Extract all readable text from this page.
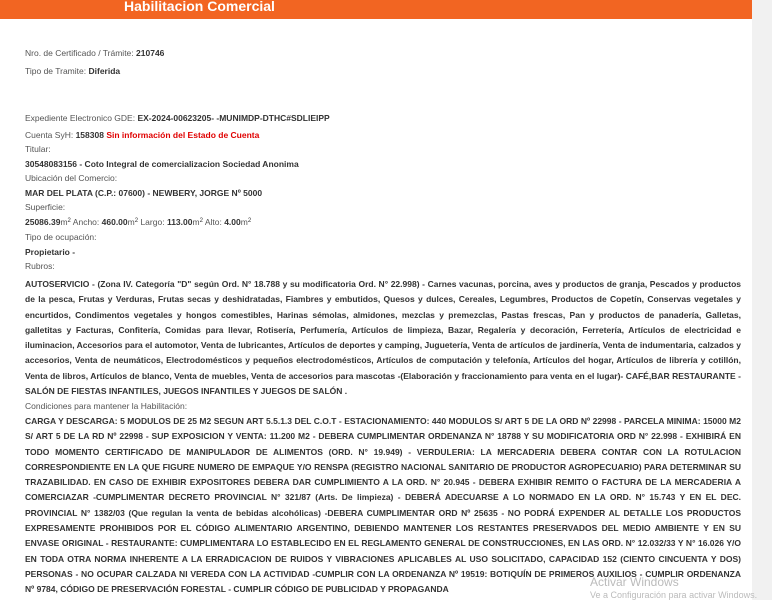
Habilitacion Comercial
Nro. de Certificado / Trámite: 210746
Tipo de Tramite: Diferida
Expediente Electronico GDE: EX-2024-00623205- -MUNIMDP-DTHC#SDLIEIPP
Cuenta SyH: 158308 Sin información del Estado de Cuenta
Titular:
30548083156 - Coto Integral de comercializacion Sociedad Anonima
Ubicación del Comercio:
MAR DEL PLATA (C.P.: 07600) - NEWBERY, JORGE Nº 5000
Superficie:
$25086.39m^2$ Ancho: $460.00m^2$ Largo: $113.00m^2$ Alto: $4.00m^2$
Tipo de ocupación:
Propietario -
Rubros:
AUTOSERVICIO - (Zona IV. Categoría "D" según Ord. N° 18.788 y su modificatoria Ord. N° 22.998) - Carnes vacunas, porcina, aves y productos de granja, Pescados y productos de la pesca, Frutas y Verduras, Frutas secas y deshidratadas, Fiambres y embutidos, Quesos y dulces, Cereales, Legumbres, Productos de Copetín, Conservas vegetales y encurtidos, Condimentos vegetales y hongos comestibles, Harinas sémolas, almidones, mezclas y premezclas, Pastas frescas, Pan y productos de panadería, Galletas, galletitas y Facturas, Confitería, Comidas para llevar, Rotisería, Perfumería, Artículos de limpieza, Bazar, Regalería y decoración, Ferretería, Artículos de electricidad e iluminacion, Accesorios para el automotor, Venta de lubricantes, Artículos de deportes y camping, Juguetería, Venta de artículos de jardinería, Venta de indumentaria, calzados y accesorios, Venta de neumáticos, Electrodomésticos y pequeños electrodomésticos, Artículos de computación y telefonía, Artículos del hogar, Artículos de librería y cotillón, Venta de libros, Artículos de blanco, Venta de muebles, Venta de accesorios para mascotas -(Elaboración y fraccionamiento para venta en el lugar)- CAFÉ,BAR RESTAURANTE -SALÓN DE FIESTAS INFANTILES, JUEGOS INFANTILES Y JUEGOS DE SALÓN .
Condiciones para mantener la Habilitación:
CARGA Y DESCARGA: 5 MODULOS DE 25 M2 SEGUN ART 5.5.1.3 DEL C.O.T - ESTACIONAMIENTO: 440 MODULOS S/ ART 5 DE LA ORD Nº 22998 - PARCELA MINIMA: 15000 M2 S/ ART 5 DE LA RD Nº 22998 - SUP EXPOSICION Y VENTA: 11.200 M2 - DEBERA CUMPLIMENTAR ORDENANZA N° 18788 Y SU MODIFICATORIA ORD N° 22.998 - EXHIBIRÁ EN TODO MOMENTO CERTIFICADO DE MANIPULADOR DE ALIMENTOS (ORD. N° 19.949) - VERDULERIA: LA MERCADERIA DEBERA CONTAR CON LA ROTULACION CORRESPONDIENTE EN LA QUE FIGURE NUMERO DE EMPAQUE Y/O RENSPA (REGISTRO NACIONAL SANITARIO DE PRODUCTOR AGROPECUARIO) PARA DETERMINAR SU TRAZABILIDAD. EN CASO DE EXHIBIR EXPOSITORES DEBERA DAR CUMPLIMIENTO A LA ORD. N° 20.945 - DEBERA EXHIBIR REMITO O FACTURA DE LA MERCADERIA A COMERCIAZAR -CUMPLIMENTAR DECRETO PROVINCIAL N° 321/87 (Arts. De limpieza) - DEBERÁ ADECUARSE A LO NORMADO EN LA ORD. N° 15.743 Y EN EL DEC. PROVINCIAL N° 1382/03 (Que regulan la venta de bebidas alcohólicas) -DEBERA CUMPLIMENTAR ORD Nº 25635 - NO PODRÁ EXPENDER AL DETALLE LOS PRODUCTOS EXPRESAMENTE PROHIBIDOS POR EL CÓDIGO ALIMENTARIO ARGENTINO, DEBIENDO MANTENER LOS RESTANTES PRESERVADOS DEL MEDIO AMBIENTE Y EN SU ENVASE ORIGINAL - RESTAURANTE: CUMPLIMENTARA LO ESTABLECIDO EN EL REGLAMENTO GENERAL DE CONSTRUCCIONES, EN LAS ORD. N° 12.032/33 Y N° 16.026 Y/O EN TODA OTRA NORMA INHERENTE A LA ERRADICACION DE RUIDOS Y VIBRACIONES APLICABLES AL USO SOLICITADO, CAPACIDAD 152 (CIENTO CINCUENTA Y DOS) PERSONAS - NO OCUPAR CALZADA NI VEREDA CON LA ACTIVIDAD -CUMPLIR CON LA ORDENANZA Nº 19519: BOTIQUÍN DE PRIMEROS AUXILIOS - CUMPLIR ORDENANZA Nº 9784, CÓDIGO DE PRESERVACIÓN FORESTAL - CUMPLIR CÓDIGO DE PUBLICIDAD Y PROPAGANDA
Activar Windows
Ve a Configuración para activar Windows.
